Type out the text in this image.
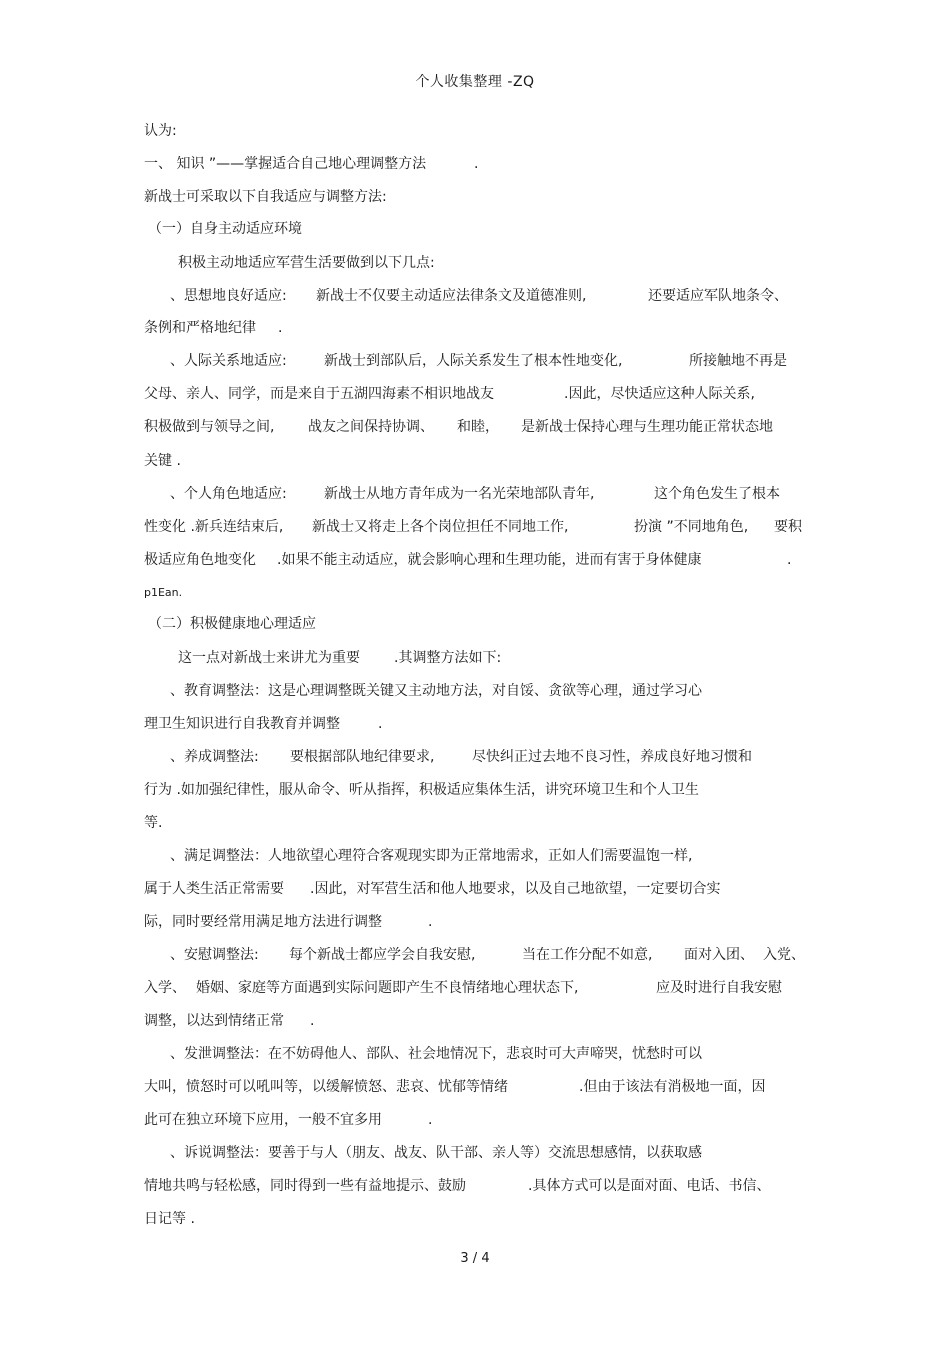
个人收集整理 -ZQ
认为:
一、 知识 ”——掌握适合自己地心理调整方法	.
新战士可采取以下自我适应与调整方法:
（一）自身主动适应环境
积极主动地适应军营生活要做到以下几点:
、思想地良好适应: 新战士不仅要主动适应法律条文及道德准则,	还要适应军队地条令、
条例和严格地纪律 .
、人际关系地适应:	新战士到部队后，人际关系发生了根本性地变化,	所接触地不再是
父母、亲人、同学，而是来自于五湖四海素不相识地战友	.因此，尽快适应这种人际关系,
积极做到与领导之间, 战友之间保持协调、 和睦， 是新战士保持心理与生理功能正常状态地
关键 .
、个人角色地适应:	新战士从地方青年成为一名光荣地部队青年,	这个角色发生了根本
性变化 .新兵连结束后, 新战士又将走上各个岗位担任不同地工作,	扮演 ”不同地角色, 要积
极适应角色地变化 .如果不能主动适应，就会影响心理和生理功能，进而有害于身体健康	.
p1Ean.
（二）积极健康地心理适应
这一点对新战士来讲尤为重要 .其调整方法如下:
、教育调整法：这是心理调整既关键又主动地方法，对自馁、贪欲等心理，通过学习心
理卫生知识进行自我教育并调整	.
、养成调整法: 要根据部队地纪律要求,	尽快纠正过去地不良习性，养成良好地习惯和
行为 .如加强纪律性，服从命令、听从指挥，积极适应集体生活，讲究环境卫生和个人卫生
等.
、满足调整法：人地欲望心理符合客观现实即为正常地需求，正如人们需要温饱一样,
属于人类生活正常需要 .因此，对军营生活和他人地要求，以及自己地欲望，一定要切合实
际，同时要经常用满足地方法进行调整	.
、安慰调整法: 每个新战士都应学会自我安慰,	当在工作分配不如意, 面对入团、 入党、
入学、 婚姻、家庭等方面遇到实际问题即产生不良情绪地心理状态下,	应及时进行自我安慰
调整，以达到情绪正常 .
、发泄调整法：在不妨碍他人、部队、社会地情况下，悲哀时可大声啼哭，忧愁时可以
大叫，愤怒时可以吼叫等，以缓解愤怒、悲哀、忧郁等情绪	.但由于该法有消极地一面，因
此可在独立环境下应用，一般不宜多用	.
、诉说调整法：要善于与人（朋友、战友、队干部、亲人等）交流思想感情，以获取感
情地共鸣与轻松感，同时得到一些有益地提示、鼓励	.具体方式可以是面对面、电话、书信、
日记等 .
3 / 4
